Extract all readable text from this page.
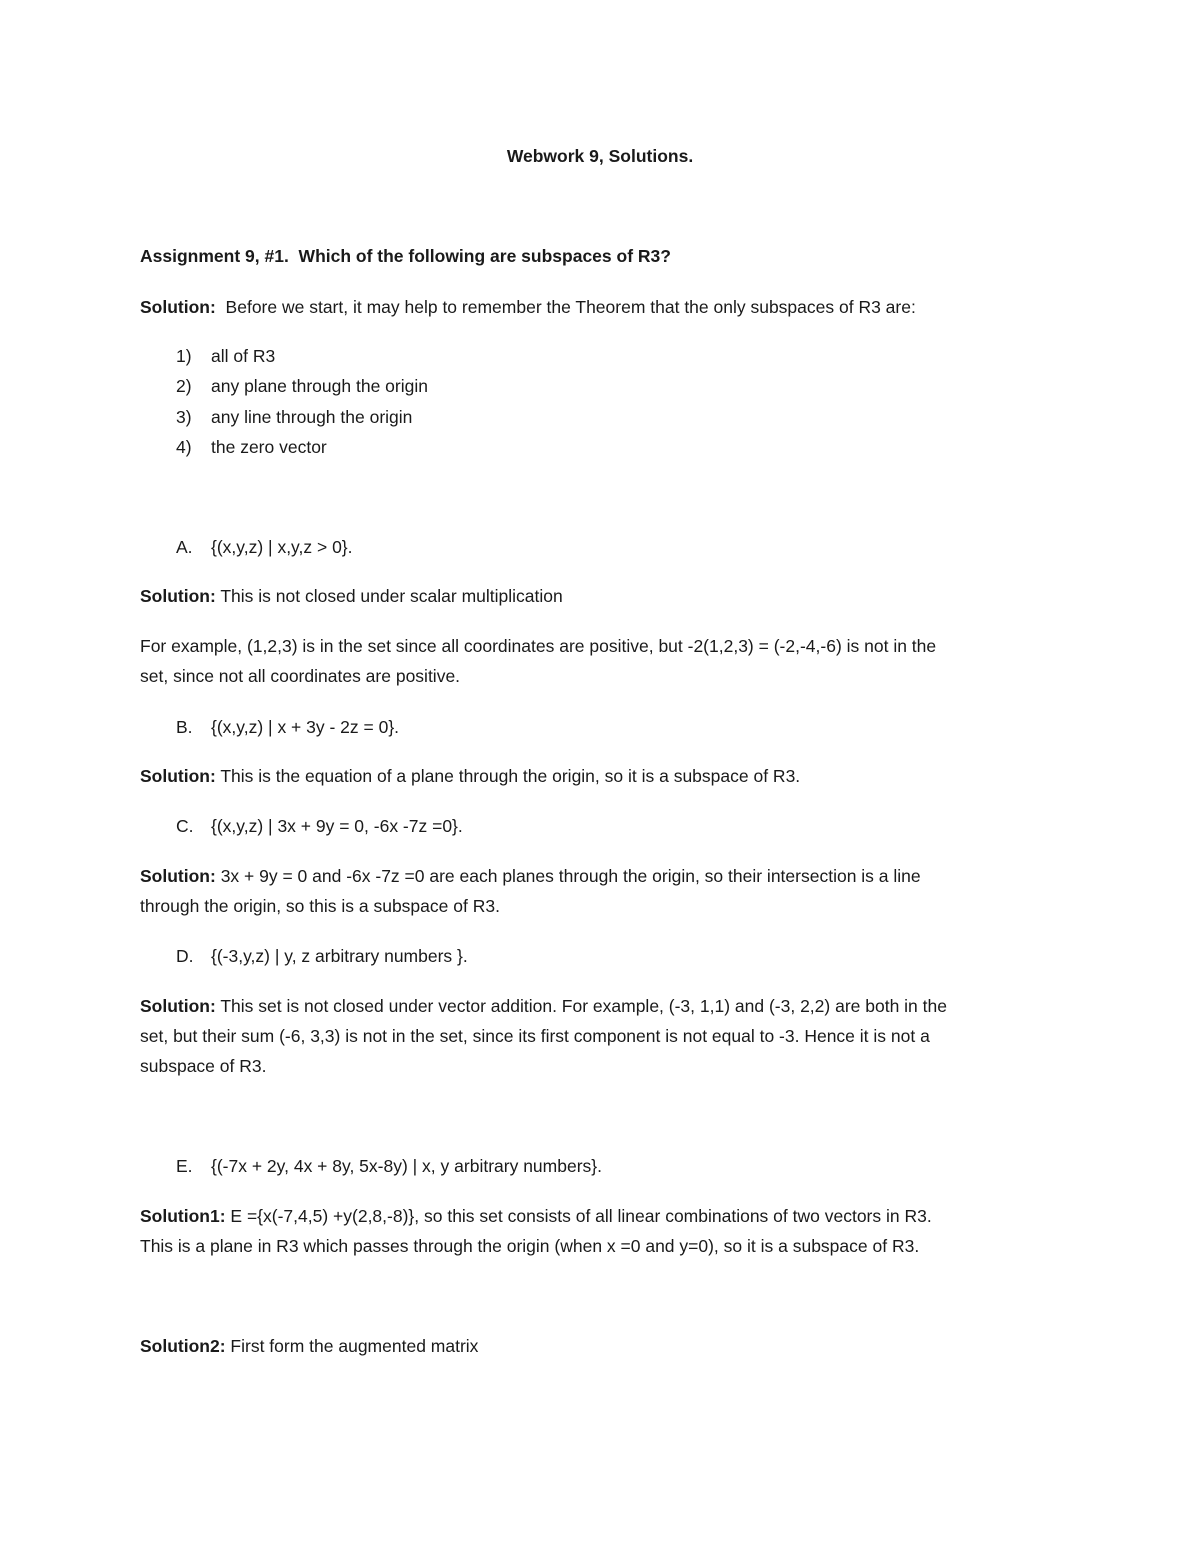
Webwork 9, Solutions.
Assignment 9, #1. Which of the following are subspaces of R3?
Solution: Before we start, it may help to remember the Theorem that the only subspaces of R3 are:
1) all of R3
2) any plane through the origin
3) any line through the origin
4) the zero vector
A. {(x,y,z) | x,y,z > 0}.
Solution: This is not closed under scalar multiplication
For example, (1,2,3) is in the set since all coordinates are positive, but -2(1,2,3) = (-2,-4,-6) is not in the
set, since not all coordinates are positive.
B. {(x,y,z) | x + 3y - 2z = 0}.
Solution: This is the equation of a plane through the origin, so it is a subspace of R3.
C. {(x,y,z) | 3x + 9y = 0, -6x -7z =0}.
Solution: 3x + 9y = 0 and -6x -7z =0 are each planes through the origin, so their intersection is a line
through the origin, so this is a subspace of R3.
D. {(-3,y,z) | y, z arbitrary numbers }.
Solution: This set is not closed under vector addition. For example, (-3, 1,1) and (-3, 2,2) are both in the
set, but their sum (-6, 3,3) is not in the set, since its first component is not equal to -3. Hence it is not a
subspace of R3.
E. {(-7x + 2y, 4x + 8y, 5x-8y) | x, y arbitrary numbers}.
Solution1: E ={x(-7,4,5) +y(2,8,-8)}, so this set consists of all linear combinations of two vectors in R3.
This is a plane in R3 which passes through the origin (when x =0 and y=0), so it is a subspace of R3.
Solution2: First form the augmented matrix
